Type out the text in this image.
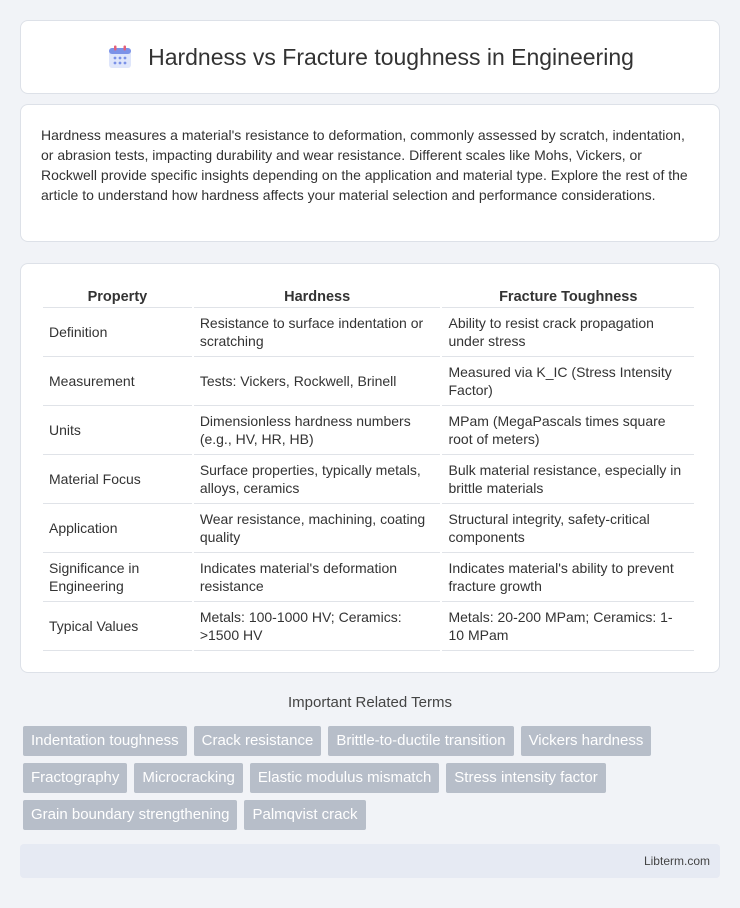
Hardness vs Fracture toughness in Engineering

Hardness measures a material's resistance to deformation, commonly assessed by scratch, indentation, or abrasion tests, impacting durability and wear resistance. Different scales like Mohs, Vickers, or Rockwell provide specific insights depending on the application and material type. Explore the rest of the article to understand how hardness affects your material selection and performance considerations.

Property	Hardness	Fracture Toughness
Definition	Resistance to surface indentation or scratching	Ability to resist crack propagation under stress
Measurement	Tests: Vickers, Rockwell, Brinell	Measured via K_IC (Stress Intensity Factor)
Units	Dimensionless hardness numbers (e.g., HV, HR, HB)	MPam (MegaPascals times square root of meters)
Material Focus	Surface properties, typically metals, alloys, ceramics	Bulk material resistance, especially in brittle materials
Application	Wear resistance, machining, coating quality	Structural integrity, safety-critical components
Significance in Engineering	Indicates material's deformation resistance	Indicates material's ability to prevent fracture growth
Typical Values	Metals: 100-1000 HV; Ceramics: >1500 HV	Metals: 20-200 MPam; Ceramics: 1-10 MPam
Important Related Terms
Indentation toughness	Crack resistance	Brittle-to-ductile transition	Vickers hardness
Fractography	Microcracking	Elastic modulus mismatch	Stress intensity factor
Grain boundary strengthening	Palmqvist crack
Libterm.com
